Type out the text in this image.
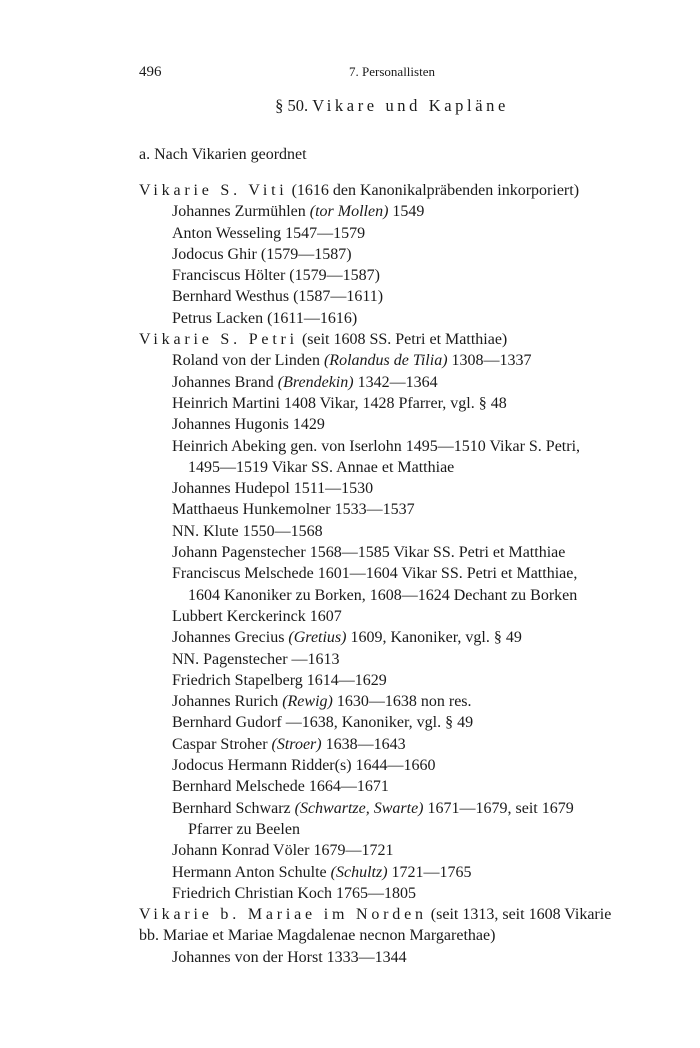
496	7. Personallisten
§ 50. Vikare und Kapläne
a. Nach Vikarien geordnet
Vikarie S. Viti (1616 den Kanonikalpräbenden inkorporiert)
Johannes Zurmühlen (tor Mollen) 1549
Anton Wesseling 1547—1579
Jodocus Ghir (1579—1587)
Franciscus Hölter (1579—1587)
Bernhard Westhus (1587—1611)
Petrus Lacken (1611—1616)
Vikarie S. Petri (seit 1608 SS. Petri et Matthiae)
Roland von der Linden (Rolandus de Tilia) 1308—1337
Johannes Brand (Brendekin) 1342—1364
Heinrich Martini 1408 Vikar, 1428 Pfarrer, vgl. § 48
Johannes Hugonis 1429
Heinrich Abeking gen. von Iserlohn 1495—1510 Vikar S. Petri,
1495—1519 Vikar SS. Annae et Matthiae
Johannes Hudepol 1511—1530
Matthaeus Hunkemolner 1533—1537
NN. Klute 1550—1568
Johann Pagenstecher 1568—1585 Vikar SS. Petri et Matthiae
Franciscus Melschede 1601—1604 Vikar SS. Petri et Matthiae,
1604 Kanoniker zu Borken, 1608—1624 Dechant zu Borken
Lubbert Kerckerinck 1607
Johannes Grecius (Gretius) 1609, Kanoniker, vgl. § 49
NN. Pagenstecher —1613
Friedrich Stapelberg 1614—1629
Johannes Rurich (Rewig) 1630—1638 non res.
Bernhard Gudorf —1638, Kanoniker, vgl. § 49
Caspar Stroher (Stroer) 1638—1643
Jodocus Hermann Ridder(s) 1644—1660
Bernhard Melschede 1664—1671
Bernhard Schwarz (Schwartze, Swarte) 1671—1679, seit 1679
Pfarrer zu Beelen
Johann Konrad Völer 1679—1721
Hermann Anton Schulte (Schultz) 1721—1765
Friedrich Christian Koch 1765—1805
Vikarie b. Mariae im Norden (seit 1313, seit 1608 Vikarie
bb. Mariae et Mariae Magdalenae necnon Margarethae)
Johannes von der Horst 1333—1344
